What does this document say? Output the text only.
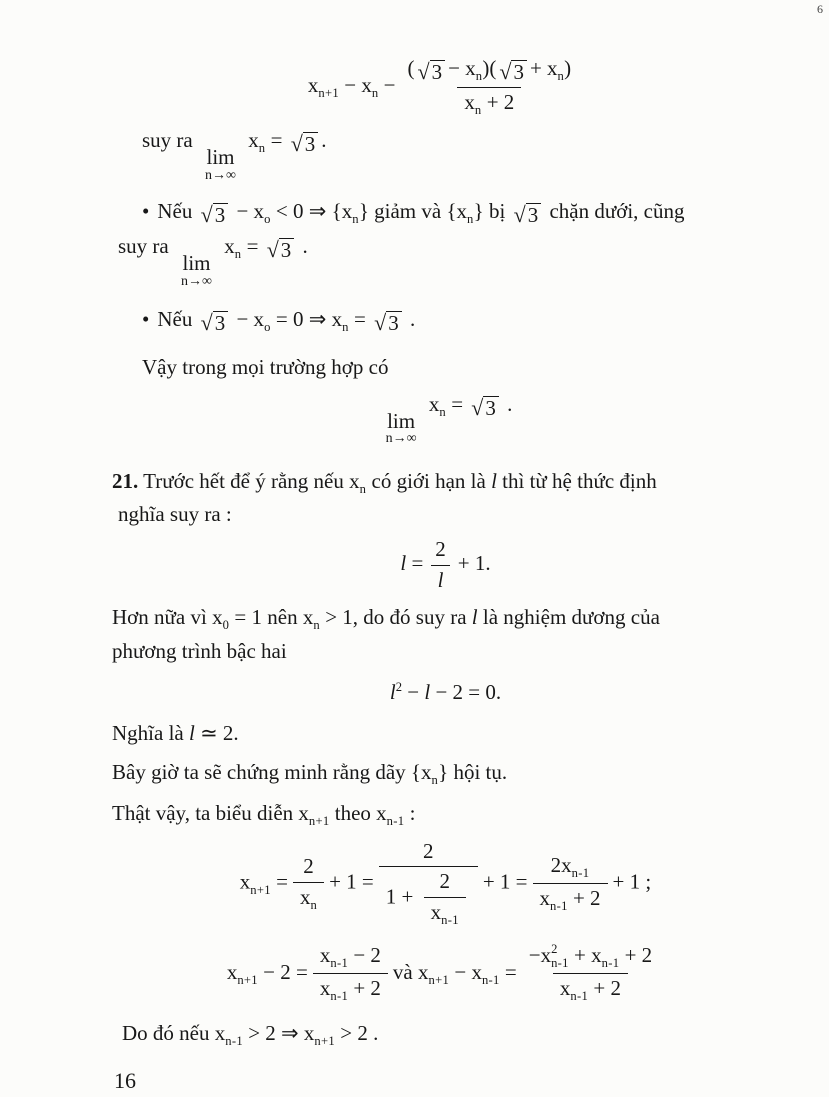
6
$x_{n+1} - x_n - \frac{( √ 3 - x_n)( √ 3 + x_n)}{x_n + 2}$
suy ra
lim
n→∞
$x_n$ = √ 3 .
• Nếu √ $3 - x_o < 0$ ⇒ $\{x_n\}$ giảm và $\{x_n\}$ bị √ 3 chặn dưới, cũng
suy ra
lim
n→∞
$x_n$ = √ 3 .
• Nếu √ $3 - x_o = 0$ ⇒ $x_n$ = √ 3 .
Vậy trong mọi trường hợp có
lim
n→∞
$x_n$ = √ 3 .
21. Trước hết để ý rằng nếu $x_n$ có giới hạn là l thì từ hệ thức định
nghĩa suy ra :
$l = \frac{2}{l} + 1$.
Hơn nữa vì $x_0 = 1$ nên $x_n > 1$, do đó suy ra l là nghiệm dương của
phương trình bậc hai
$l^2 - l - 2 = 0$.
Nghĩa là l ≃ 2.
Bây giờ ta sẽ chứng minh rằng dãy $\{x_n\}$ hội tụ.
Thật vậy, ta biểu diễn $x_{n+1}$ theo $x_{n-1}$ :
$x_{n+1} = \frac{2}{x_n} + 1 = \frac{2}{1 + \frac{2}{x_{n-1}}} + 1 = \frac{2x_{n-1}}{x_{n-1} + 2} + 1$ ;
$x_{n+1} - 2 = \frac{x_{n-1} - 2}{x_{n-1} + 2}$ và $x_{n+1} - x_{n-1} = -x$ 2
$n-1 + x_{n-1} + 2$
$x_{n-1} + 2$
Do đó nếu $x_{n-1} > 2$ ⇒ $x_{n+1} > 2$ .
16
